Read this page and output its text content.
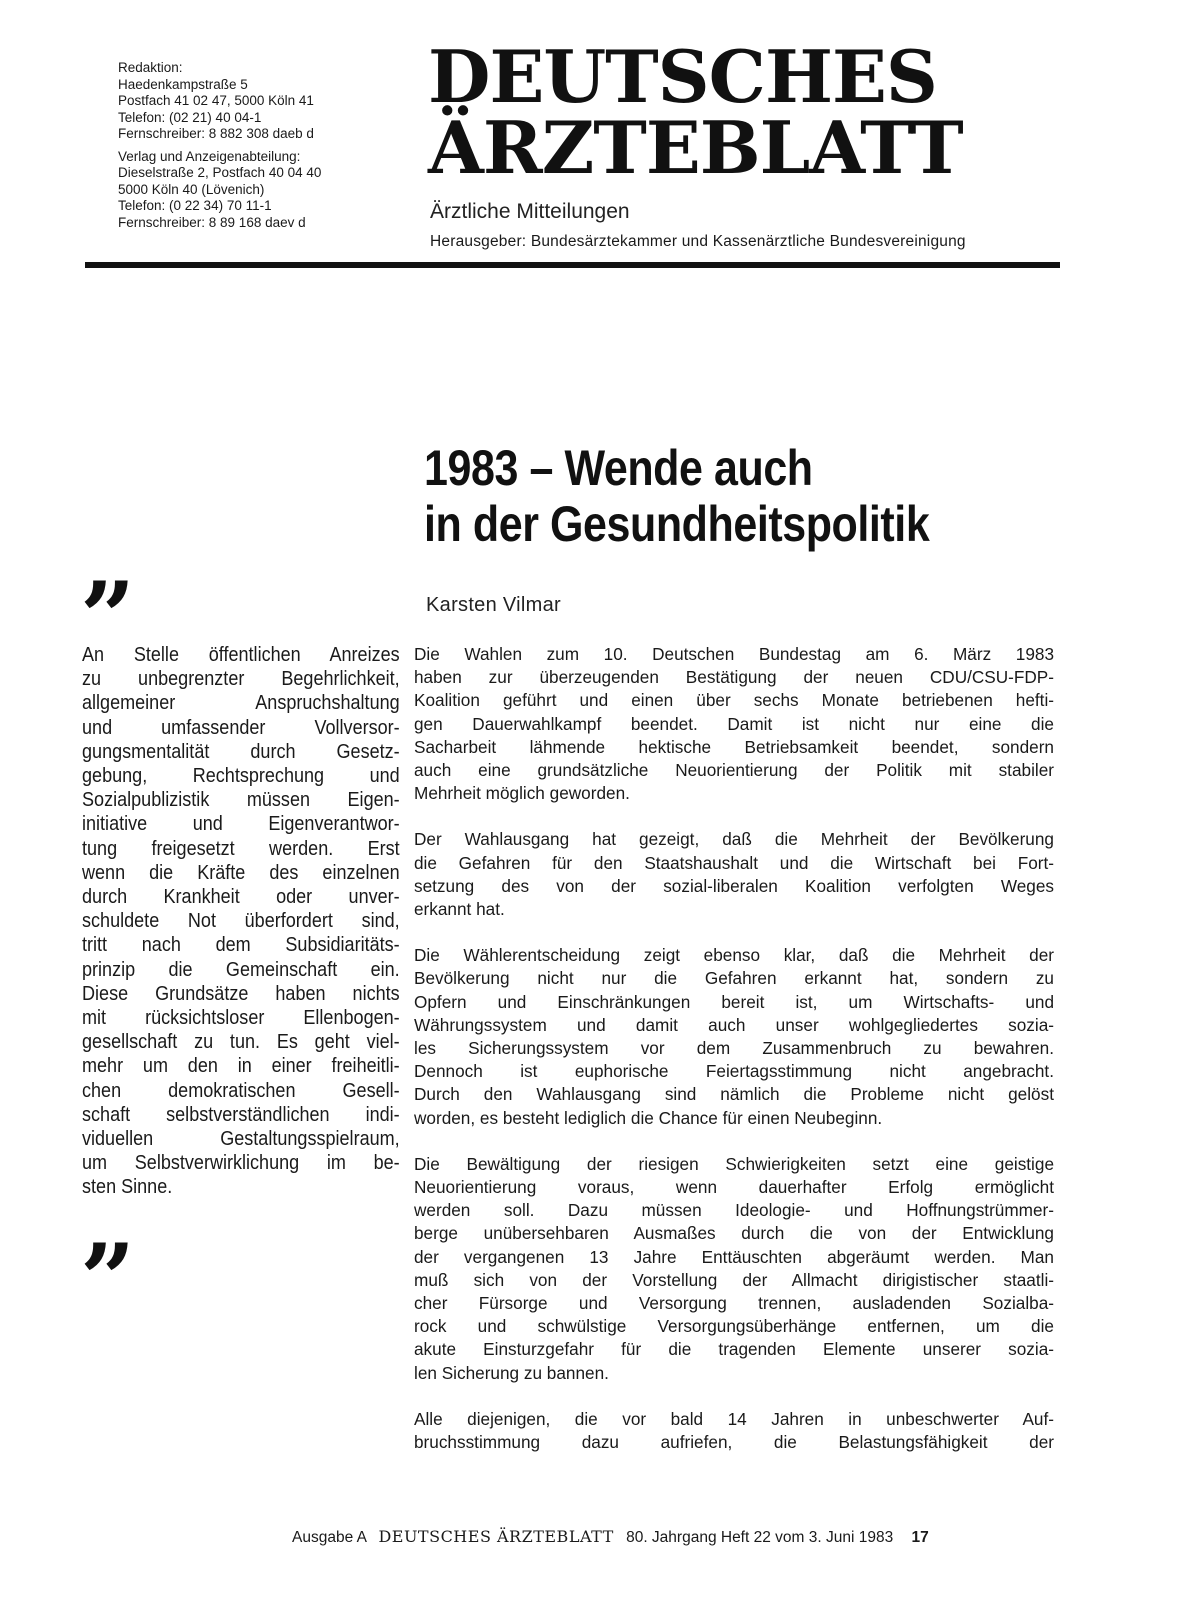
Redaktion:
Haedenkampstraße 5
Postfach 41 02 47, 5000 Köln 41
Telefon: (02 21) 40 04-1
Fernschreiber: 8 882 308 daeb d
Verlag und Anzeigenabteilung:
Dieselstraße 2, Postfach 40 04 40
5000 Köln 40 (Lövenich)
Telefon: (0 22 34) 70 11-1
Fernschreiber: 8 89 168 daev d
DEUTSCHES
ÄRZTEBLATT
Ärztliche Mitteilungen
Herausgeber: Bundesärztekammer und Kassenärztliche Bundesvereinigung
1983 – Wende auch
in der Gesundheitspolitik
Karsten Vilmar
”
An Stelle öffentlichen Anreizes
zu unbegrenzter Begehrlichkeit,
allgemeiner Anspruchshaltung
und umfassender Vollversor-
gungsmentalität durch Gesetz-
gebung, Rechtsprechung und
Sozialpublizistik müssen Eigen-
initiative und Eigenverantwor-
tung freigesetzt werden. Erst
wenn die Kräfte des einzelnen
durch Krankheit oder unver-
schuldete Not überfordert sind,
tritt nach dem Subsidiaritäts-
prinzip die Gemeinschaft ein.
Diese Grundsätze haben nichts
mit rücksichtsloser Ellenbogen-
gesellschaft zu tun. Es geht viel-
mehr um den in einer freiheitli-
chen demokratischen Gesell-
schaft selbstverständlichen indi-
viduellen Gestaltungsspielraum,
um Selbstverwirklichung im be-
sten Sinne.
”

Die Wahlen zum 10. Deutschen Bundestag am 6. März 1983
haben zur überzeugenden Bestätigung der neuen CDU/CSU-FDP-
Koalition geführt und einen über sechs Monate betriebenen hefti-
gen Dauerwahlkampf beendet. Damit ist nicht nur eine die
Sacharbeit lähmende hektische Betriebsamkeit beendet, sondern
auch eine grundsätzliche Neuorientierung der Politik mit stabiler
Mehrheit möglich geworden.

Der Wahlausgang hat gezeigt, daß die Mehrheit der Bevölkerung
die Gefahren für den Staatshaushalt und die Wirtschaft bei Fort-
setzung des von der sozial-liberalen Koalition verfolgten Weges
erkannt hat.

Die Wählerentscheidung zeigt ebenso klar, daß die Mehrheit der
Bevölkerung nicht nur die Gefahren erkannt hat, sondern zu
Opfern und Einschränkungen bereit ist, um Wirtschafts- und
Währungssystem und damit auch unser wohlgegliedertes sozia-
les Sicherungssystem vor dem Zusammenbruch zu bewahren.
Dennoch ist euphorische Feiertagsstimmung nicht angebracht.
Durch den Wahlausgang sind nämlich die Probleme nicht gelöst
worden, es besteht lediglich die Chance für einen Neubeginn.

Die Bewältigung der riesigen Schwierigkeiten setzt eine geistige
Neuorientierung voraus, wenn dauerhafter Erfolg ermöglicht
werden soll. Dazu müssen Ideologie- und Hoffnungstrümmer-
berge unübersehbaren Ausmaßes durch die von der Entwicklung
der vergangenen 13 Jahre Enttäuschten abgeräumt werden. Man
muß sich von der Vorstellung der Allmacht dirigistischer staatli-
cher Fürsorge und Versorgung trennen, ausladenden Sozialba-
rock und schwülstige Versorgungsüberhänge entfernen, um die
akute Einsturzgefahr für die tragenden Elemente unserer sozia-
len Sicherung zu bannen.

Alle diejenigen, die vor bald 14 Jahren in unbeschwerter Auf-
bruchsstimmung dazu aufriefen, die Belastungsfähigkeit der

Ausgabe A DEUTSCHES ÄRZTEBLATT 80. Jahrgang Heft 22 vom 3. Juni 1983 17
